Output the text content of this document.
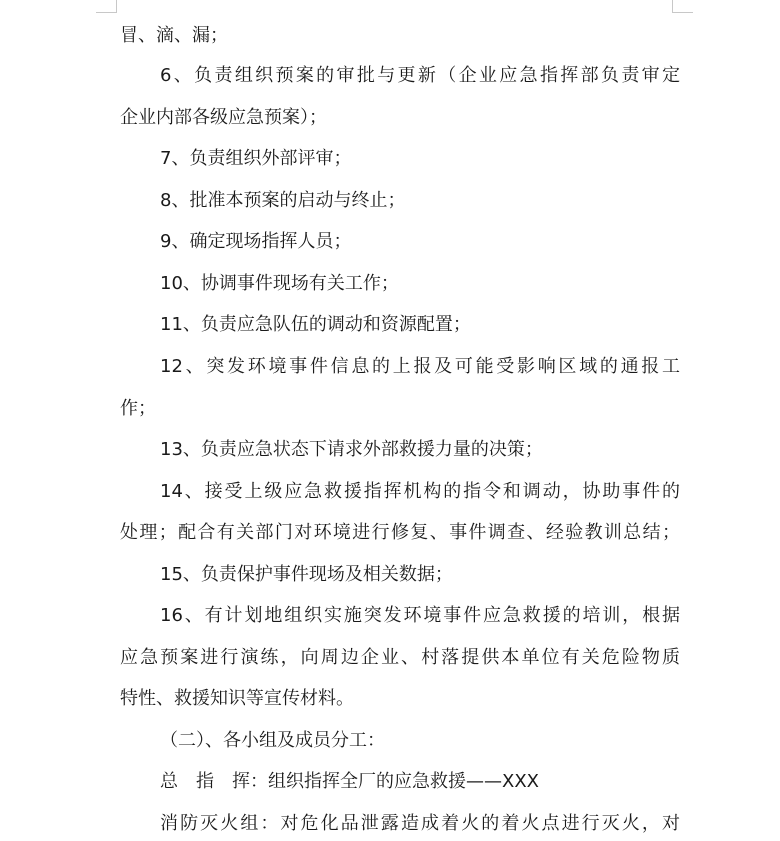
冒、滴、漏；
6、负责组织预案的审批与更新（企业应急指挥部负责审定
企业内部各级应急预案）；
7、负责组织外部评审；
8、批准本预案的启动与终止；
9、确定现场指挥人员；
10、协调事件现场有关工作；
11、负责应急队伍的调动和资源配置；
12、突发环境事件信息的上报及可能受影响区域的通报工
作；
13、负责应急状态下请求外部救援力量的决策；
14、接受上级应急救援指挥机构的指令和调动，协助事件的
处理；配合有关部门对环境进行修复、事件调查、经验教训总结；
15、负责保护事件现场及相关数据；
16、有计划地组织实施突发环境事件应急救援的培训，根据
应急预案进行演练，向周边企业、村落提供本单位有关危险物质
特性、救援知识等宣传材料。
（二）、各小组及成员分工：
总　指　挥：组织指挥全厂的应急救援——XXX
消防灭火组：对危化品泄露造成着火的着火点进行灭火，对
